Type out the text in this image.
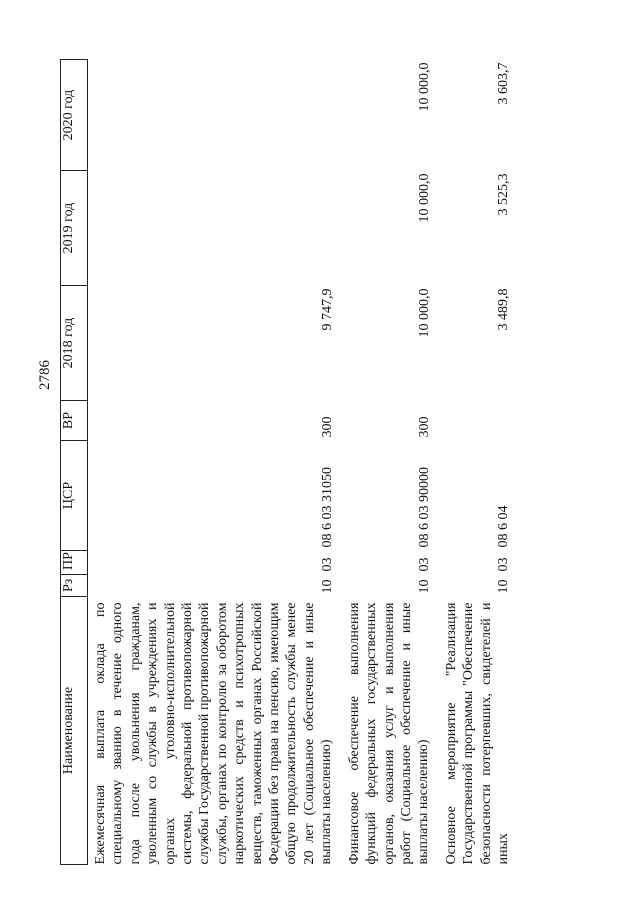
2786
Наименование	Рз	ПР	ЦСР	ВР	2018 год	2019 год	2020 год
Ежемесячная выплата оклада по специальному званию в течение одного года после увольнения гражданам, уволенным со службы в учреждениях и органах уголовно-исполнительной системы, федеральной противопожарной службы Государственной противопожарной службы, органах по контролю за оборотом наркотических средств и психотропных веществ, таможенных органах Российской Федерации без права на пенсию, имеющим общую продолжительность службы менее 20 лет (Социальное обеспечение и иные выплаты населению)	10	03	08 6 03 31050	300	9 747,9		
Финансовое обеспечение выполнения функций федеральных государственных органов, оказания услуг и выполнения работ (Социальное обеспечение и иные выплаты населению)	10	03	08 6 03 90000	300	10 000,0	10 000,0	10 000,0
Основное мероприятие "Реализация Государственной программы "Обеспечение безопасности потерпевших, свидетелей и иных	10	03	08 6 04		3 489,8	3 525,3	3 603,7
